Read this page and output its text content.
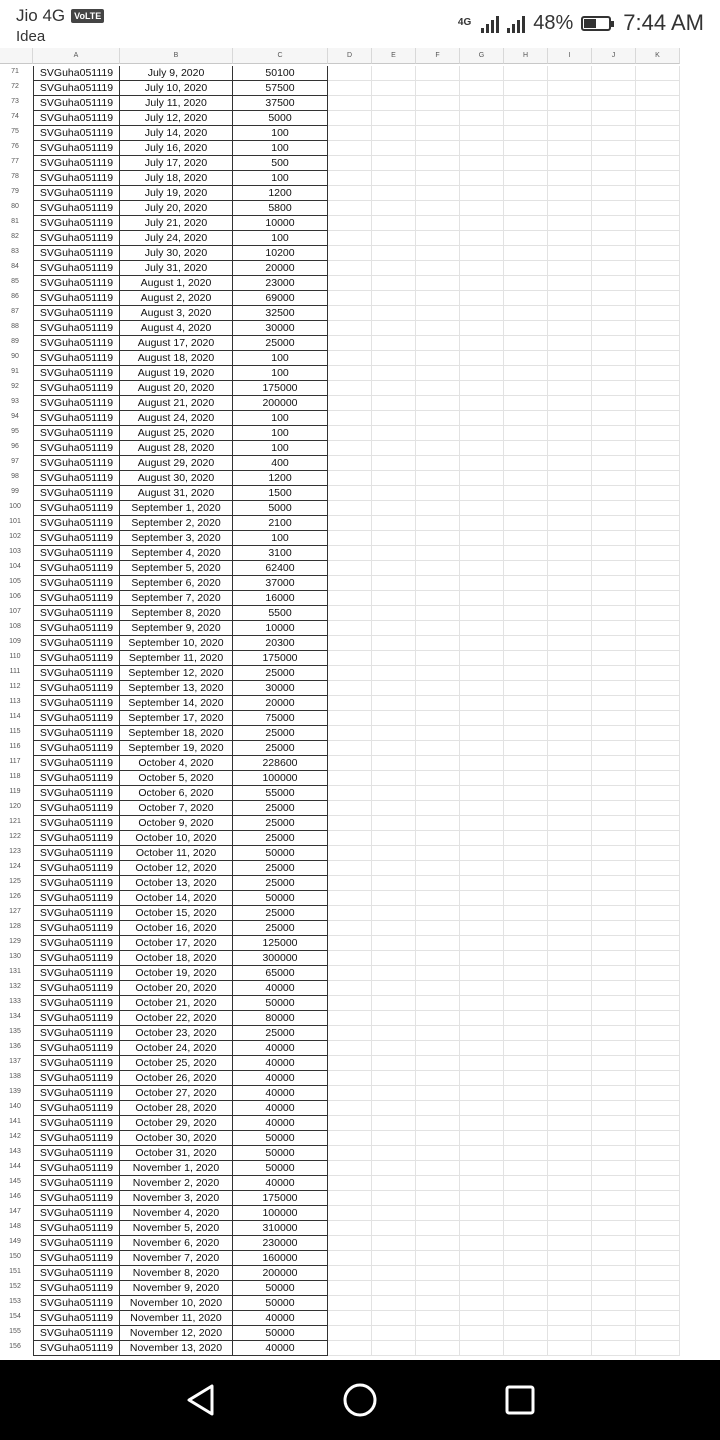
Jio 4G	VoLTE
Idea
4G	48% 7:44 AM
A	B	C	D	E	F	G	H	I	J	K
71	SVGuha051119	July 9, 2020	50100
72	SVGuha051119	July 10, 2020	57500
73	SVGuha051119	July 11, 2020	37500
74	SVGuha051119	July 12, 2020	5000
75	SVGuha051119	July 14, 2020	100
76	SVGuha051119	July 16, 2020	100
77	SVGuha051119	July 17, 2020	500
78	SVGuha051119	July 18, 2020	100
79	SVGuha051119	July 19, 2020	1200
80	SVGuha051119	July 20, 2020	5800
81	SVGuha051119	July 21, 2020	10000
82	SVGuha051119	July 24, 2020	100
83	SVGuha051119	July 30, 2020	10200
84	SVGuha051119	July 31, 2020	20000
85	SVGuha051119	August 1, 2020	23000
86	SVGuha051119	August 2, 2020	69000
87	SVGuha051119	August 3, 2020	32500
88	SVGuha051119	August 4, 2020	30000
89	SVGuha051119	August 17, 2020	25000
90	SVGuha051119	August 18, 2020	100
91	SVGuha051119	August 19, 2020	100
92	SVGuha051119	August 20, 2020	175000
93	SVGuha051119	August 21, 2020	200000
94	SVGuha051119	August 24, 2020	100
95	SVGuha051119	August 25, 2020	100
96	SVGuha051119	August 28, 2020	100
97	SVGuha051119	August 29, 2020	400
98	SVGuha051119	August 30, 2020	1200
99	SVGuha051119	August 31, 2020	1500
100	SVGuha051119	September 1, 2020	5000
101	SVGuha051119	September 2, 2020	2100
102	SVGuha051119	September 3, 2020	100
103	SVGuha051119	September 4, 2020	3100
104	SVGuha051119	September 5, 2020	62400
105	SVGuha051119	September 6, 2020	37000
106	SVGuha051119	September 7, 2020	16000
107	SVGuha051119	September 8, 2020	5500
108	SVGuha051119	September 9, 2020	10000
109	SVGuha051119	September 10, 2020	20300
110	SVGuha051119	September 11, 2020	175000
111	SVGuha051119	September 12, 2020	25000
112	SVGuha051119	September 13, 2020	30000
113	SVGuha051119	September 14, 2020	20000
114	SVGuha051119	September 17, 2020	75000
115	SVGuha051119	September 18, 2020	25000
116	SVGuha051119	September 19, 2020	25000
117	SVGuha051119	October 4, 2020	228600
118	SVGuha051119	October 5, 2020	100000
119	SVGuha051119	October 6, 2020	55000
120	SVGuha051119	October 7, 2020	25000
121	SVGuha051119	October 9, 2020	25000
122	SVGuha051119	October 10, 2020	25000
123	SVGuha051119	October 11, 2020	50000
124	SVGuha051119	October 12, 2020	25000
125	SVGuha051119	October 13, 2020	25000
126	SVGuha051119	October 14, 2020	50000
127	SVGuha051119	October 15, 2020	25000
128	SVGuha051119	October 16, 2020	25000
129	SVGuha051119	October 17, 2020	125000
130	SVGuha051119	October 18, 2020	300000
131	SVGuha051119	October 19, 2020	65000
132	SVGuha051119	October 20, 2020	40000
133	SVGuha051119	October 21, 2020	50000
134	SVGuha051119	October 22, 2020	80000
135	SVGuha051119	October 23, 2020	25000
136	SVGuha051119	October 24, 2020	40000
137	SVGuha051119	October 25, 2020	40000
138	SVGuha051119	October 26, 2020	40000
139	SVGuha051119	October 27, 2020	40000
140	SVGuha051119	October 28, 2020	40000
141	SVGuha051119	October 29, 2020	40000
142	SVGuha051119	October 30, 2020	50000
143	SVGuha051119	October 31, 2020	50000
144	SVGuha051119	November 1, 2020	50000
145	SVGuha051119	November 2, 2020	40000
146	SVGuha051119	November 3, 2020	175000
147	SVGuha051119	November 4, 2020	100000
148	SVGuha051119	November 5, 2020	310000
149	SVGuha051119	November 6, 2020	230000
150	SVGuha051119	November 7, 2020	160000
151	SVGuha051119	November 8, 2020	200000
152	SVGuha051119	November 9, 2020	50000
153	SVGuha051119	November 10, 2020	50000
154	SVGuha051119	November 11, 2020	40000
155	SVGuha051119	November 12, 2020	50000
156	SVGuha051119	November 13, 2020	40000
